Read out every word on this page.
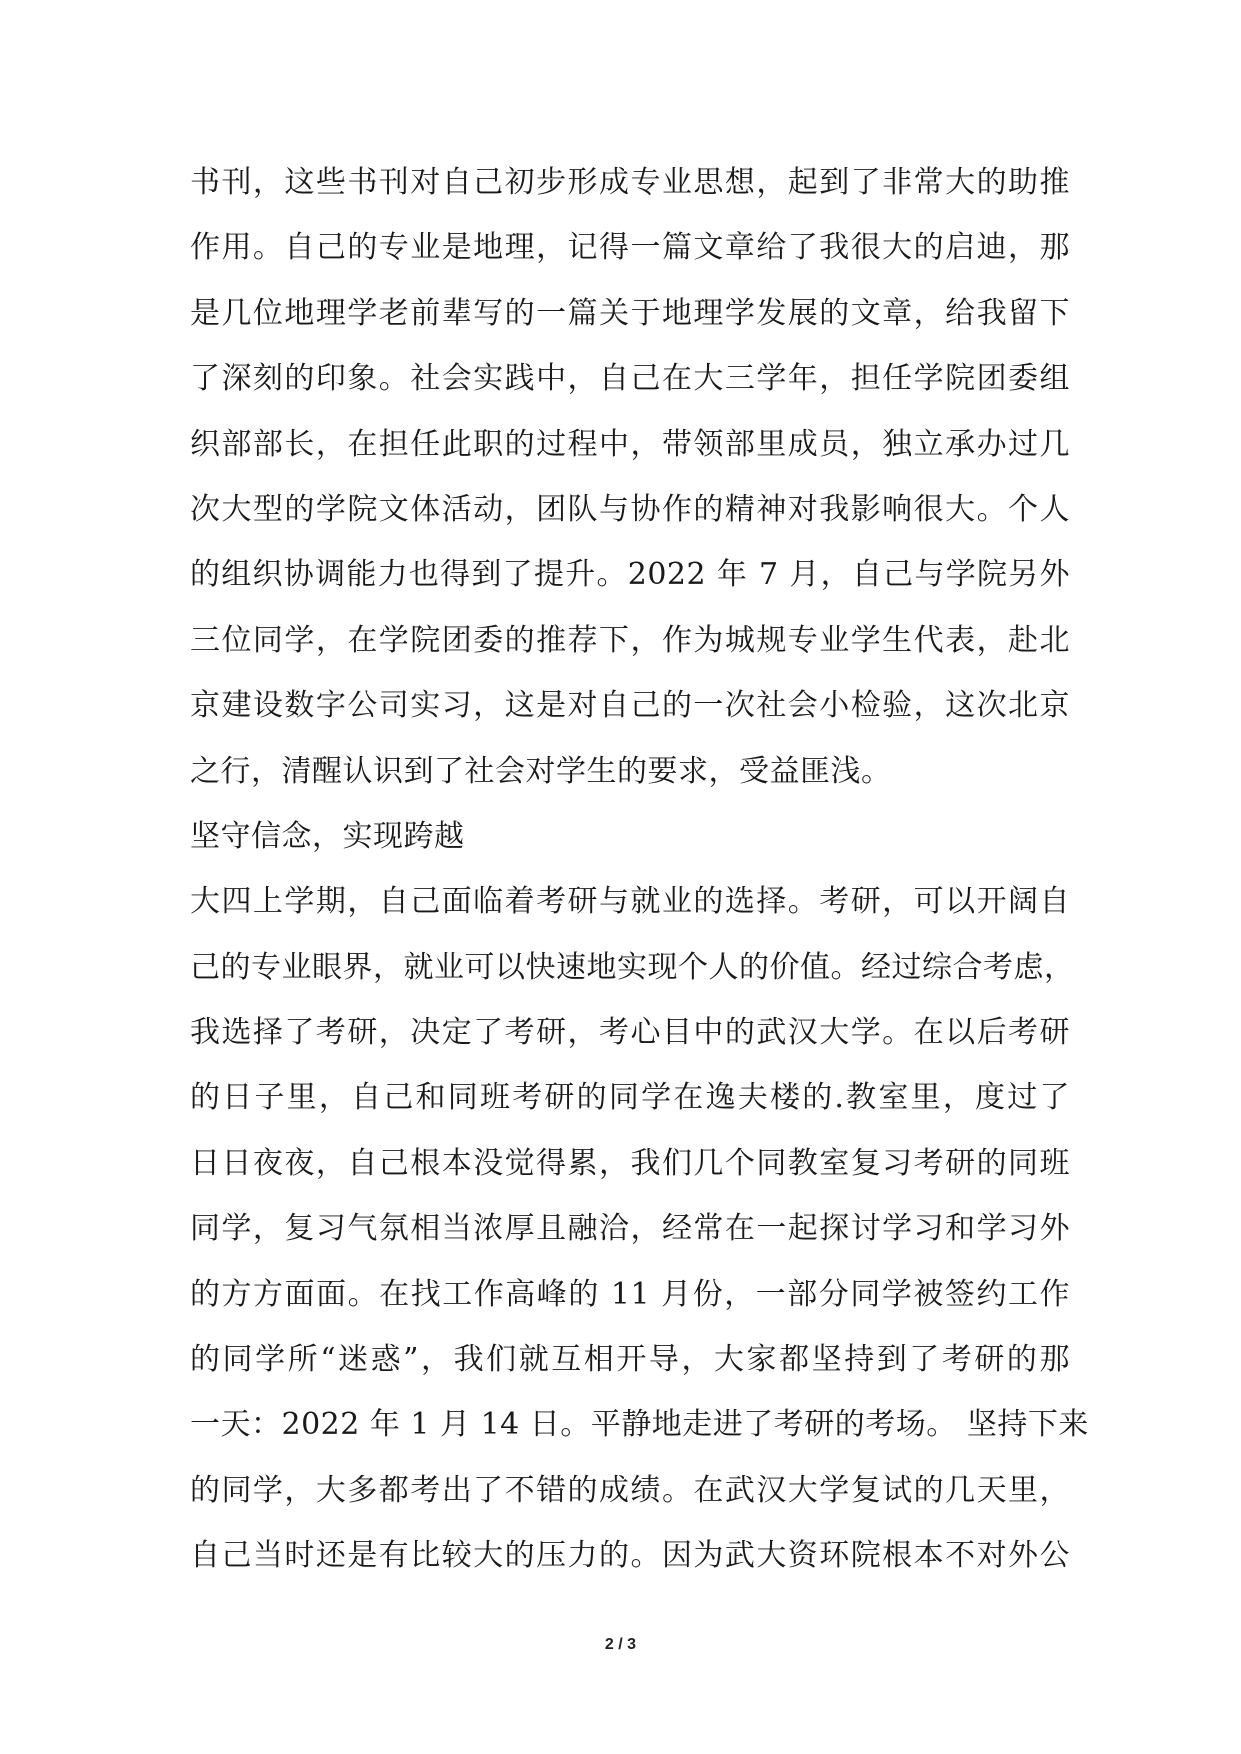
书刊，这些书刊对自己初步形成专业思想，起到了非常大的助推
作用。自己的专业是地理，记得一篇文章给了我很大的启迪，那
是几位地理学老前辈写的一篇关于地理学发展的文章，给我留下
了深刻的印象。社会实践中，自己在大三学年，担任学院团委组
织部部长，在担任此职的过程中，带领部里成员，独立承办过几
次大型的学院文体活动，团队与协作的精神对我影响很大。个人
的组织协调能力也得到了提升。2022 年 7 月，自己与学院另外
三位同学，在学院团委的推荐下，作为城规专业学生代表，赴北
京建设数字公司实习，这是对自己的一次社会小检验，这次北京
之行，清醒认识到了社会对学生的要求，受益匪浅。
坚守信念，实现跨越
大四上学期，自己面临着考研与就业的选择。考研，可以开阔自
己的专业眼界，就业可以快速地实现个人的价值。经过综合考虑，
我选择了考研，决定了考研，考心目中的武汉大学。在以后考研
的日子里，自己和同班考研的同学在逸夫楼的.教室里，度过了
日日夜夜，自己根本没觉得累，我们几个同教室复习考研的同班
同学，复习气氛相当浓厚且融洽，经常在一起探讨学习和学习外
的方方面面。在找工作高峰的 11 月份，一部分同学被签约工作
的同学所“迷惑”，我们就互相开导，大家都坚持到了考研的那
一天：2022 年 1 月 14 日。平静地走进了考研的考场。 坚持下来
的同学，大多都考出了不错的成绩。在武汉大学复试的几天里，
自己当时还是有比较大的压力的。因为武大资环院根本不对外公
2 / 3
